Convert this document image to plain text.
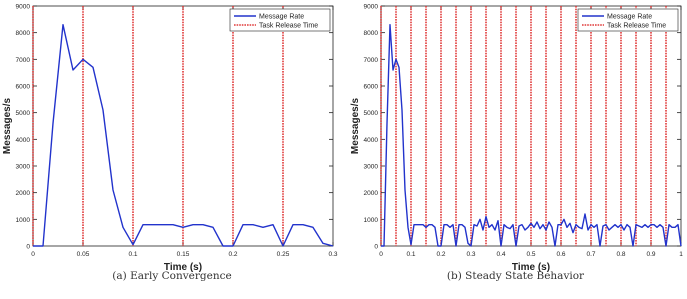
0
1000
2000
3000
4000
5000
6000
7000
8000
9000
0	0.05	0.1	0.15	0.2	0.25	0.3
Time (s)
Messages/s
Message Rate
Task Release Time
(a) Early Convergence
0
1000
2000
3000
4000
5000
6000
7000
8000
9000
0	0.1	0.2	0.3	0.4	0.5	0.6	0.7	0.8	0.9	1
Time (s)
Messages/s
Message Rate
Task Release Time
(b) Steady State Behavior
